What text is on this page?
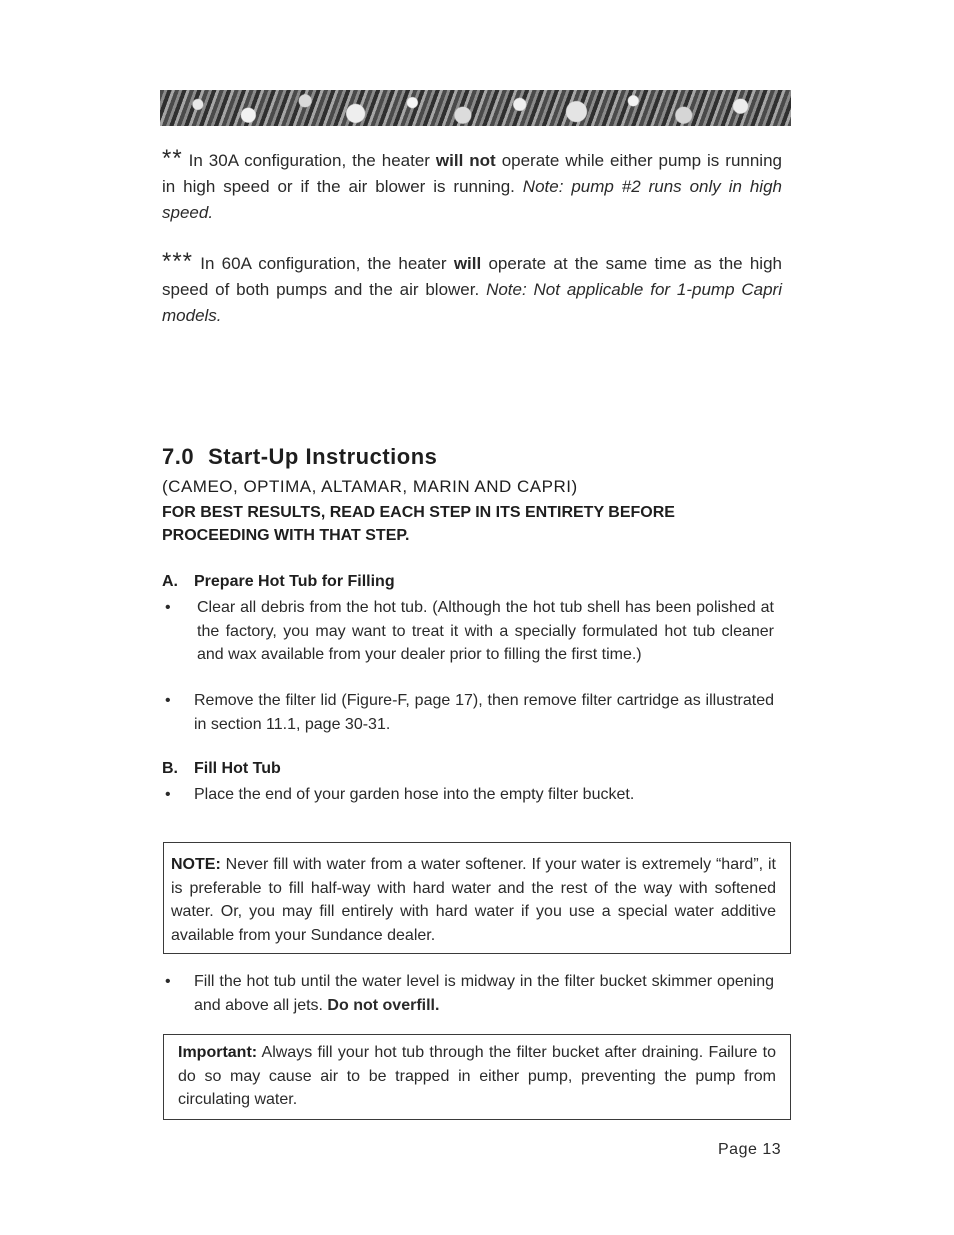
** In 30A configuration, the heater will not operate while either pump is running in high speed or if the air blower is running. Note: pump #2 runs only in high speed.
*** In 60A configuration, the heater will operate at the same time as the high speed of both pumps and the air blower. Note: Not applicable for 1-pump Capri models.
7.0 Start-Up Instructions
(CAMEO, OPTIMA, ALTAMAR, MARIN AND CAPRI)
FOR BEST RESULTS, READ EACH STEP IN ITS ENTIRETY BEFORE PROCEEDING WITH THAT STEP.
A. Prepare Hot Tub for Filling
• Clear all debris from the hot tub. (Although the hot tub shell has been polished at the factory, you may want to treat it with a specially formulated hot tub cleaner and wax available from your dealer prior to filling the first time.)
• Remove the filter lid (Figure-F, page 17), then remove filter cartridge as illustrated in section 11.1, page 30-31.
B. Fill Hot Tub
• Place the end of your garden hose into the empty filter bucket.
NOTE: Never fill with water from a water softener. If your water is extremely “hard”, it is preferable to fill half-way with hard water and the rest of the way with softened water. Or, you may fill entirely with hard water if you use a special water additive available from your Sundance dealer.
• Fill the hot tub until the water level is midway in the filter bucket skimmer opening and above all jets. Do not overfill.
Important: Always fill your hot tub through the filter bucket after draining. Failure to do so may cause air to be trapped in either pump, preventing the pump from circulating water.
Page 13
